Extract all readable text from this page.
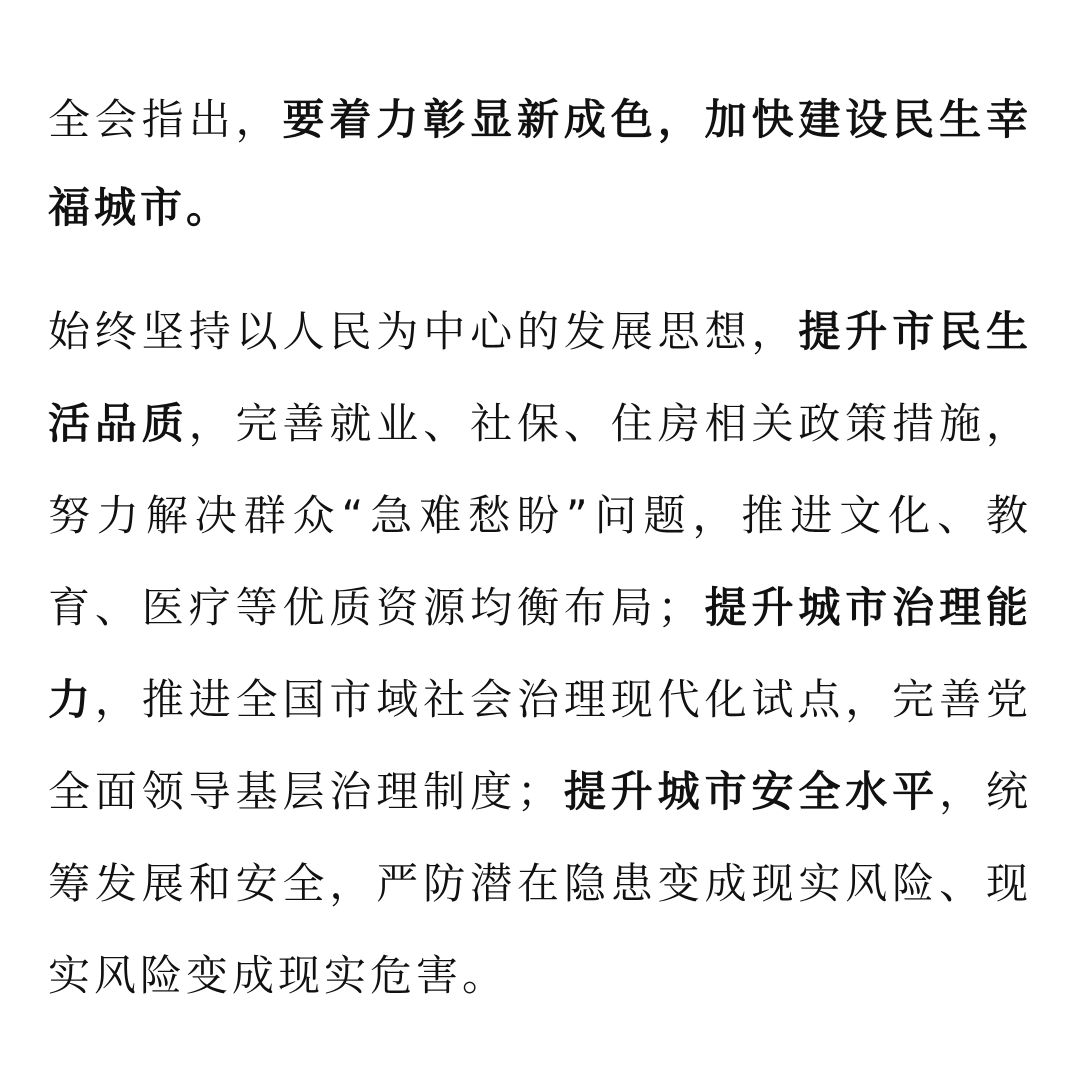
全会指出，要着力彰显新成色，加快建设民生幸福城市。

始终坚持以人民为中心的发展思想，提升市民生活品质，完善就业、社保、住房相关政策措施，努力解决群众“急难愁盼”问题，推进文化、教育、医疗等优质资源均衡布局；提升城市治理能力，推进全国市域社会治理现代化试点，完善党全面领导基层治理制度；提升城市安全水平，统筹发展和安全，严防潜在隐患变成现实风险、现实风险变成现实危害。
